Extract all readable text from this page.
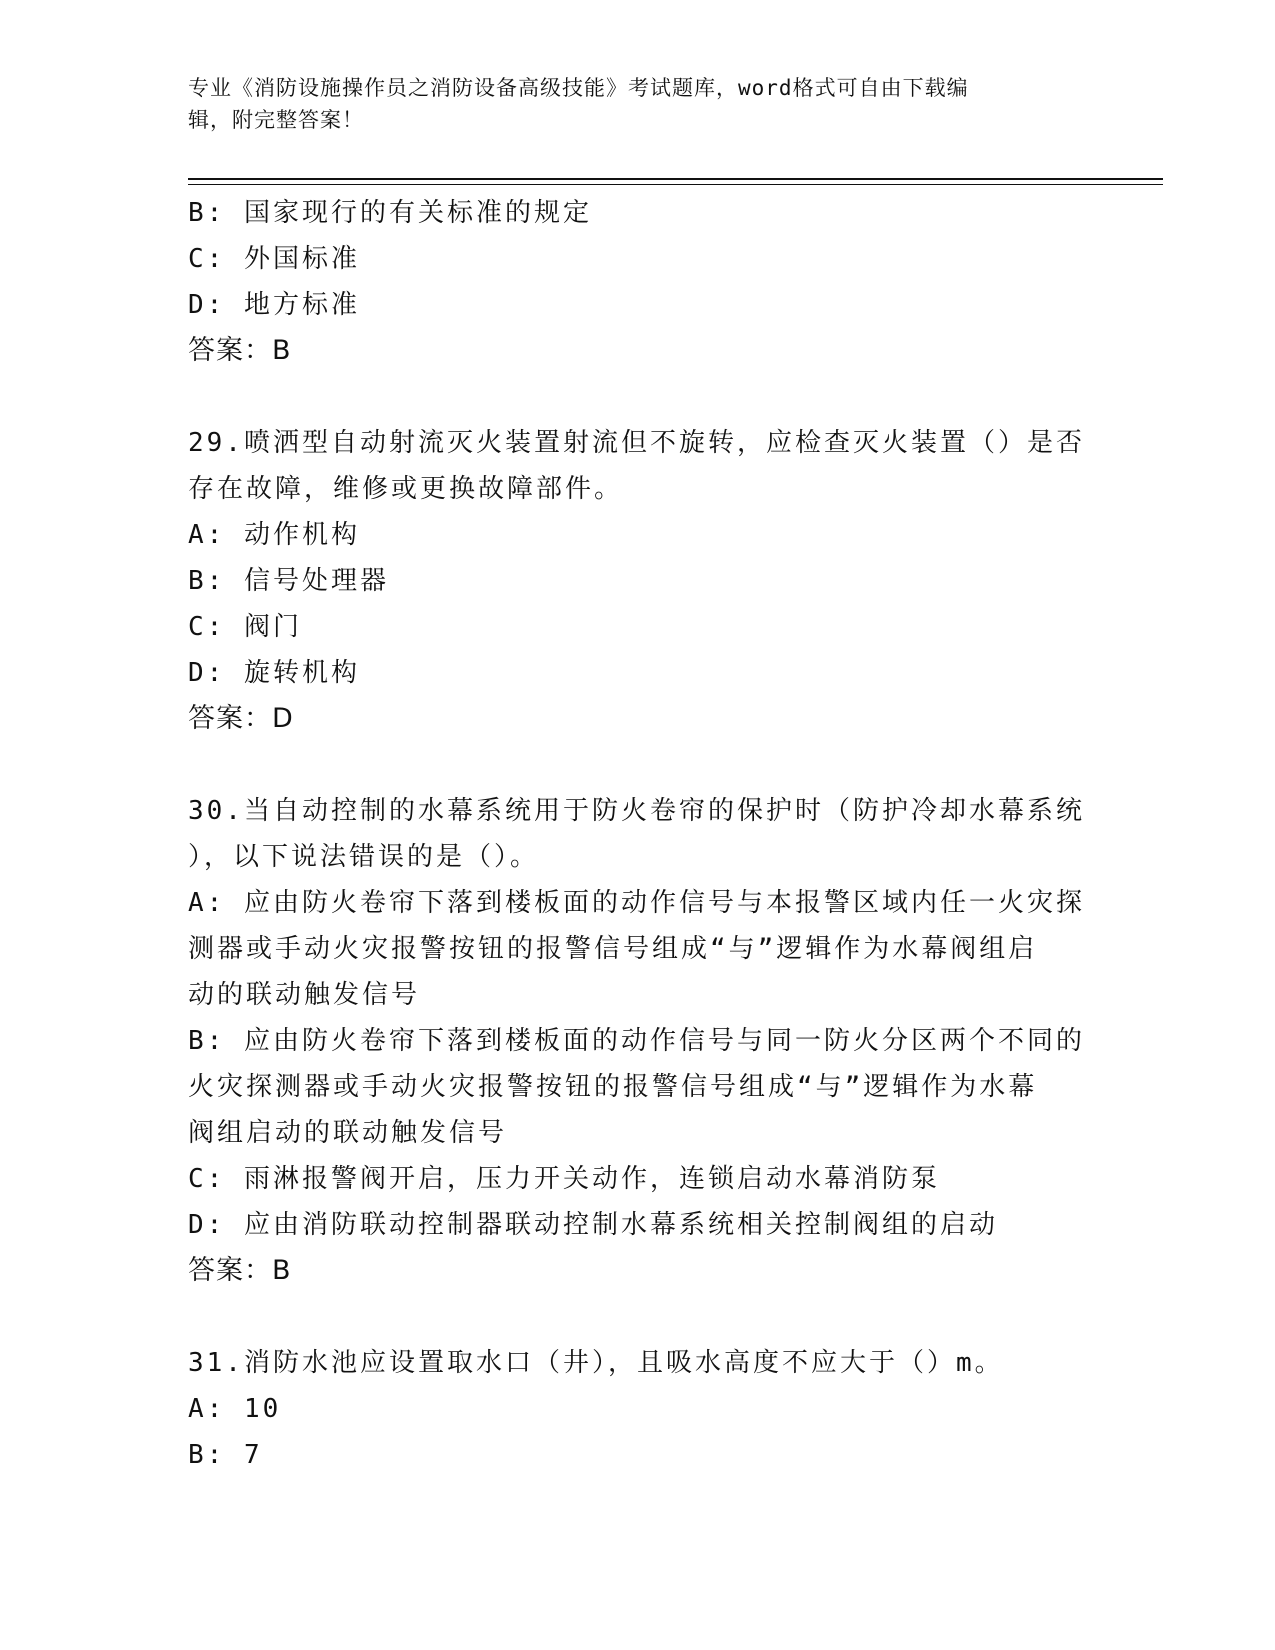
专业《消防设施操作员之消防设备高级技能》考试题库，word格式可自由下载编
辑，附完整答案！
B: 国家现行的有关标准的规定
C: 外国标准
D: 地方标准
答案：B
29.喷洒型自动射流灭火装置射流但不旋转，应检查灭火装置（）是否
存在故障，维修或更换故障部件。
A: 动作机构
B: 信号处理器
C: 阀门
D: 旋转机构
答案：D
30.当自动控制的水幕系统用于防火卷帘的保护时（防护冷却水幕系统
），以下说法错误的是（）。
A: 应由防火卷帘下落到楼板面的动作信号与本报警区域内任一火灾探
测器或手动火灾报警按钮的报警信号组成“与”逻辑作为水幕阀组启
动的联动触发信号
B: 应由防火卷帘下落到楼板面的动作信号与同一防火分区两个不同的
火灾探测器或手动火灾报警按钮的报警信号组成“与”逻辑作为水幕
阀组启动的联动触发信号
C: 雨淋报警阀开启，压力开关动作，连锁启动水幕消防泵
D: 应由消防联动控制器联动控制水幕系统相关控制阀组的启动
答案：B
31.消防水池应设置取水口（井），且吸水高度不应大于（）m。
A: 10
B: 7
